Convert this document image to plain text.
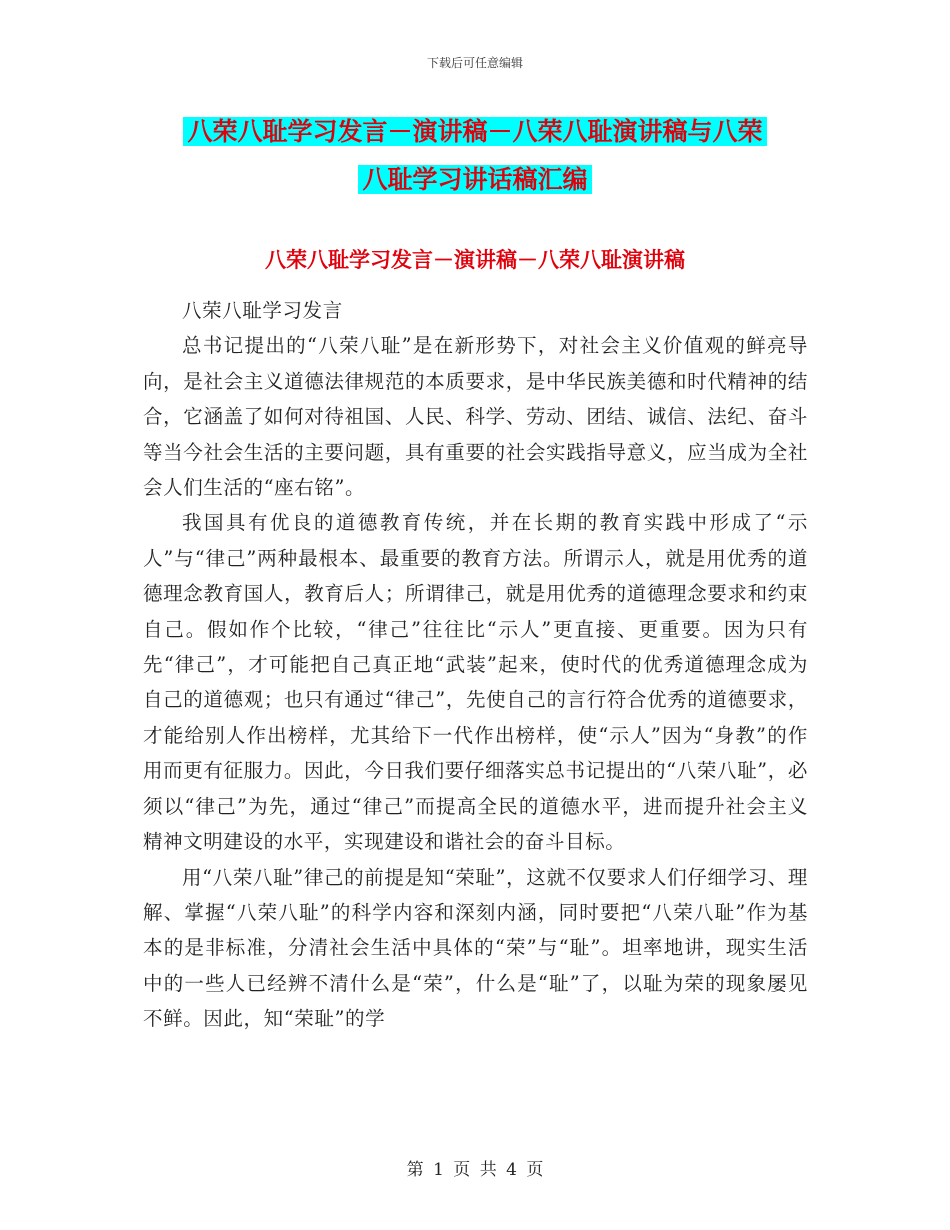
下载后可任意编辑
八荣八耻学习发言－演讲稿－八荣八耻演讲稿与八荣
八耻学习讲话稿汇编
八荣八耻学习发言－演讲稿－八荣八耻演讲稿

八荣八耻学习发言

总书记提出的“八荣八耻”是在新形势下，对社会主义价值观的鲜亮导向，是社会主义道德法律规范的本质要求，是中华民族美德和时代精神的结合，它涵盖了如何对待祖国、人民、科学、劳动、团结、诚信、法纪、奋斗等当今社会生活的主要问题，具有重要的社会实践指导意义，应当成为全社会人们生活的“座右铭”。

我国具有优良的道德教育传统，并在长期的教育实践中形成了“示人”与“律己”两种最根本、最重要的教育方法。所谓示人，就是用优秀的道德理念教育国人，教育后人；所谓律己，就是用优秀的道德理念要求和约束自己。假如作个比较，“律己”往往比“示人”更直接、更重要。因为只有先“律己”，才可能把自己真正地“武装”起来，使时代的优秀道德理念成为自己的道德观；也只有通过“律己”，先使自己的言行符合优秀的道德要求，才能给别人作出榜样，尤其给下一代作出榜样，使“示人”因为“身教”的作用而更有征服力。因此，今日我们要仔细落实总书记提出的“八荣八耻”，必须以“律己”为先，通过“律己”而提高全民的道德水平，进而提升社会主义精神文明建设的水平，实现建设和谐社会的奋斗目标。

用“八荣八耻”律己的前提是知“荣耻”，这就不仅要求人们仔细学习、理解、掌握“八荣八耻”的科学内容和深刻内涵，同时要把“八荣八耻”作为基本的是非标准，分清社会生活中具体的“荣”与“耻”。坦率地讲，现实生活中的一些人已经辨不清什么是“荣”，什么是“耻”了，以耻为荣的现象屡见不鲜。因此，知“荣耻”的学

第 1 页 共 4 页
